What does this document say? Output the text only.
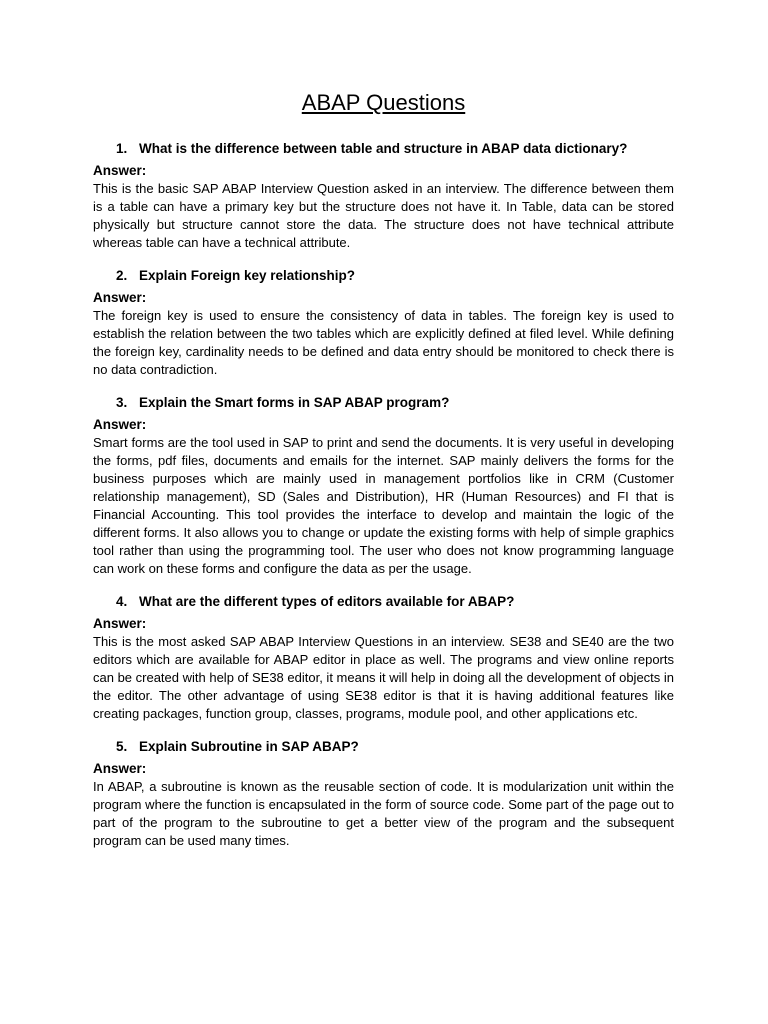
ABAP Questions
1. What is the difference between table and structure in ABAP data dictionary?
Answer:

This is the basic SAP ABAP Interview Question asked in an interview. The difference between them is a table can have a primary key but the structure does not have it. In Table, data can be stored physically but structure cannot store the data. The structure does not have technical attribute whereas table can have a technical attribute.

2. Explain Foreign key relationship?
Answer:

The foreign key is used to ensure the consistency of data in tables. The foreign key is used to establish the relation between the two tables which are explicitly defined at filed level. While defining the foreign key, cardinality needs to be defined and data entry should be monitored to check there is no data contradiction.

3. Explain the Smart forms in SAP ABAP program?
Answer:

Smart forms are the tool used in SAP to print and send the documents. It is very useful in developing the forms, pdf files, documents and emails for the internet. SAP mainly delivers the forms for the business purposes which are mainly used in management portfolios like in CRM (Customer relationship management), SD (Sales and Distribution), HR (Human Resources) and FI that is Financial Accounting. This tool provides the interface to develop and maintain the logic of the different forms. It also allows you to change or update the existing forms with help of simple graphics tool rather than using the programming tool. The user who does not know programming language can work on these forms and configure the data as per the usage.

4. What are the different types of editors available for ABAP?
Answer:

This is the most asked SAP ABAP Interview Questions in an interview. SE38 and SE40 are the two editors which are available for ABAP editor in place as well. The programs and view online reports can be created with help of SE38 editor, it means it will help in doing all the development of objects in the editor. The other advantage of using SE38 editor is that it is having additional features like creating packages, function group, classes, programs, module pool, and other applications etc.

5. Explain Subroutine in SAP ABAP?
Answer:

In ABAP, a subroutine is known as the reusable section of code. It is modularization unit within the program where the function is encapsulated in the form of source code. Some part of the page out to part of the program to the subroutine to get a better view of the program and the subsequent program can be used many times.
